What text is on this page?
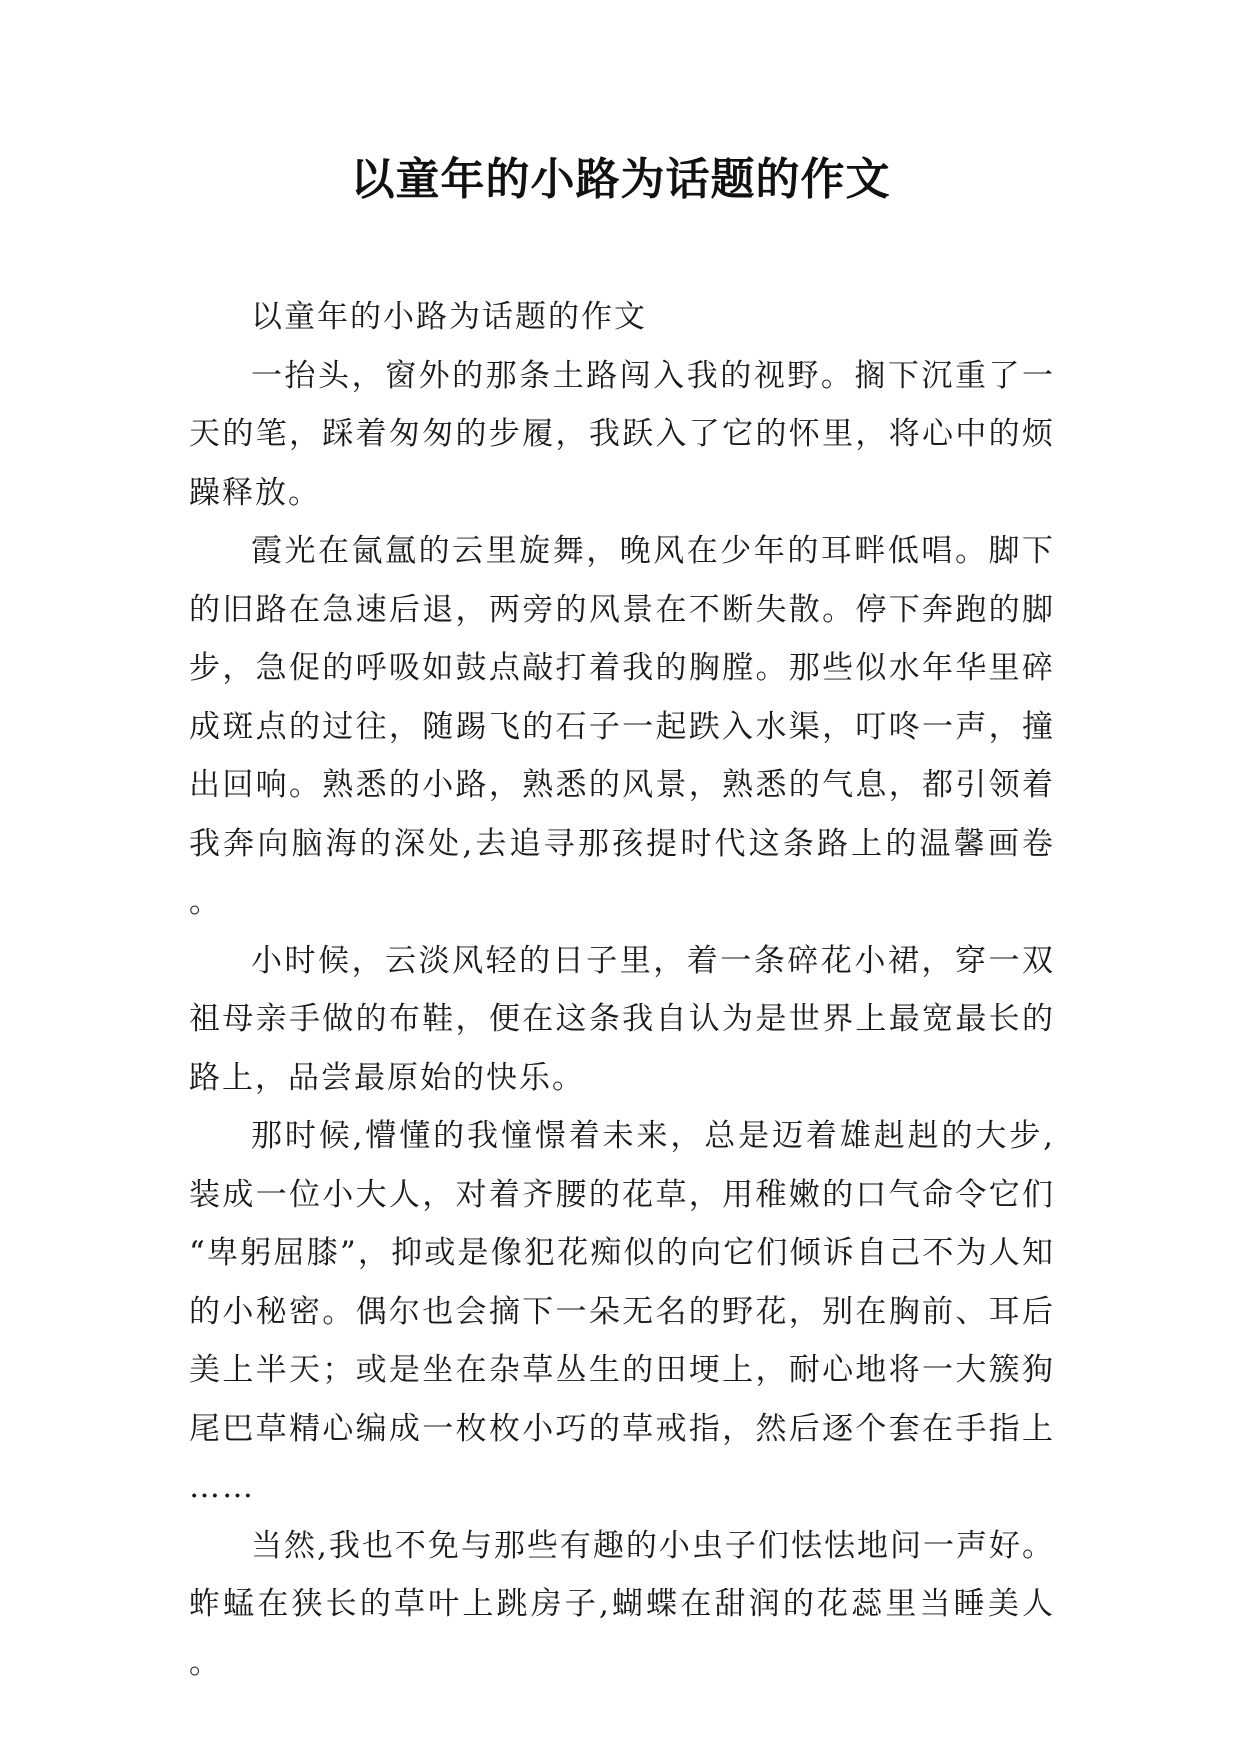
以童年的小路为话题的作文

以童年的小路为话题的作文

一抬头，窗外的那条土路闯入我的视野。搁下沉重了一天的笔，踩着匆匆的步履，我跃入了它的怀里，将心中的烦躁释放。

霞光在氤氲的云里旋舞，晚风在少年的耳畔低唱。脚下的旧路在急速后退，两旁的风景在不断失散。停下奔跑的脚步，急促的呼吸如鼓点敲打着我的胸膛。那些似水年华里碎成斑点的过往，随踢飞的石子一起跌入水渠，叮咚一声，撞出回响。熟悉的小路，熟悉的风景，熟悉的气息，都引领着我奔向脑海的深处,去追寻那孩提时代这条路上的温馨画卷。

小时候，云淡风轻的日子里，着一条碎花小裙，穿一双祖母亲手做的布鞋，便在这条我自认为是世界上最宽最长的路上，品尝最原始的快乐。

那时候,懵懂的我憧憬着未来，总是迈着雄赳赳的大步,装成一位小大人，对着齐腰的花草，用稚嫩的口气命令它们“卑躬屈膝”，抑或是像犯花痴似的向它们倾诉自己不为人知的小秘密。偶尔也会摘下一朵无名的野花，别在胸前、耳后美上半天；或是坐在杂草丛生的田埂上，耐心地将一大簇狗尾巴草精心编成一枚枚小巧的草戒指，然后逐个套在手指上……

当然,我也不免与那些有趣的小虫子们怯怯地问一声好。蚱蜢在狭长的草叶上跳房子,蝴蝶在甜润的花蕊里当睡美人。
